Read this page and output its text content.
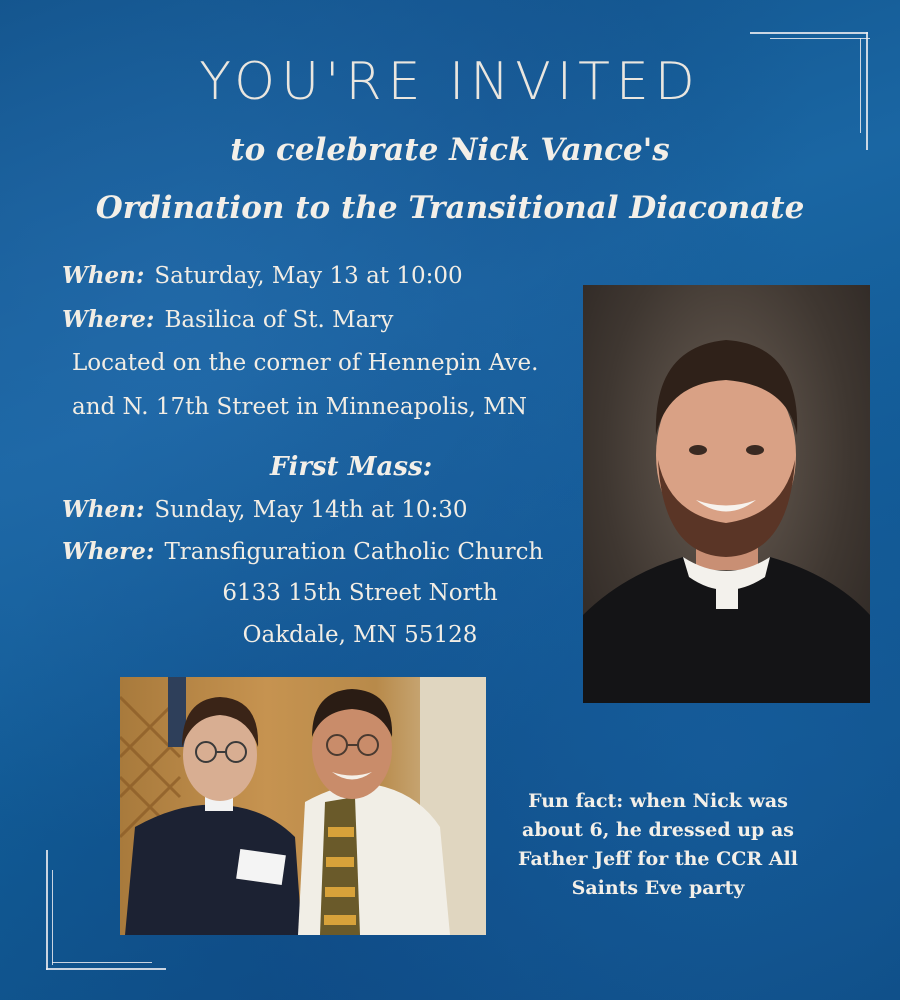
YOU'RE INVITED

to celebrate Nick Vance's

Ordination to the Transitional Diaconate

When: Saturday, May 13 at 10:00
Where: Basilica of St. Mary
Located on the corner of Hennepin Ave.
and N. 17th Street in Minneapolis, MN
First Mass:
When: Sunday, May 14th at 10:30
Where: Transfiguration Catholic Church
6133 15th Street North
Oakdale, MN 55128
Fun fact: when Nick was
about 6, he dressed up as
Father Jeff for the CCR All
Saints Eve party
